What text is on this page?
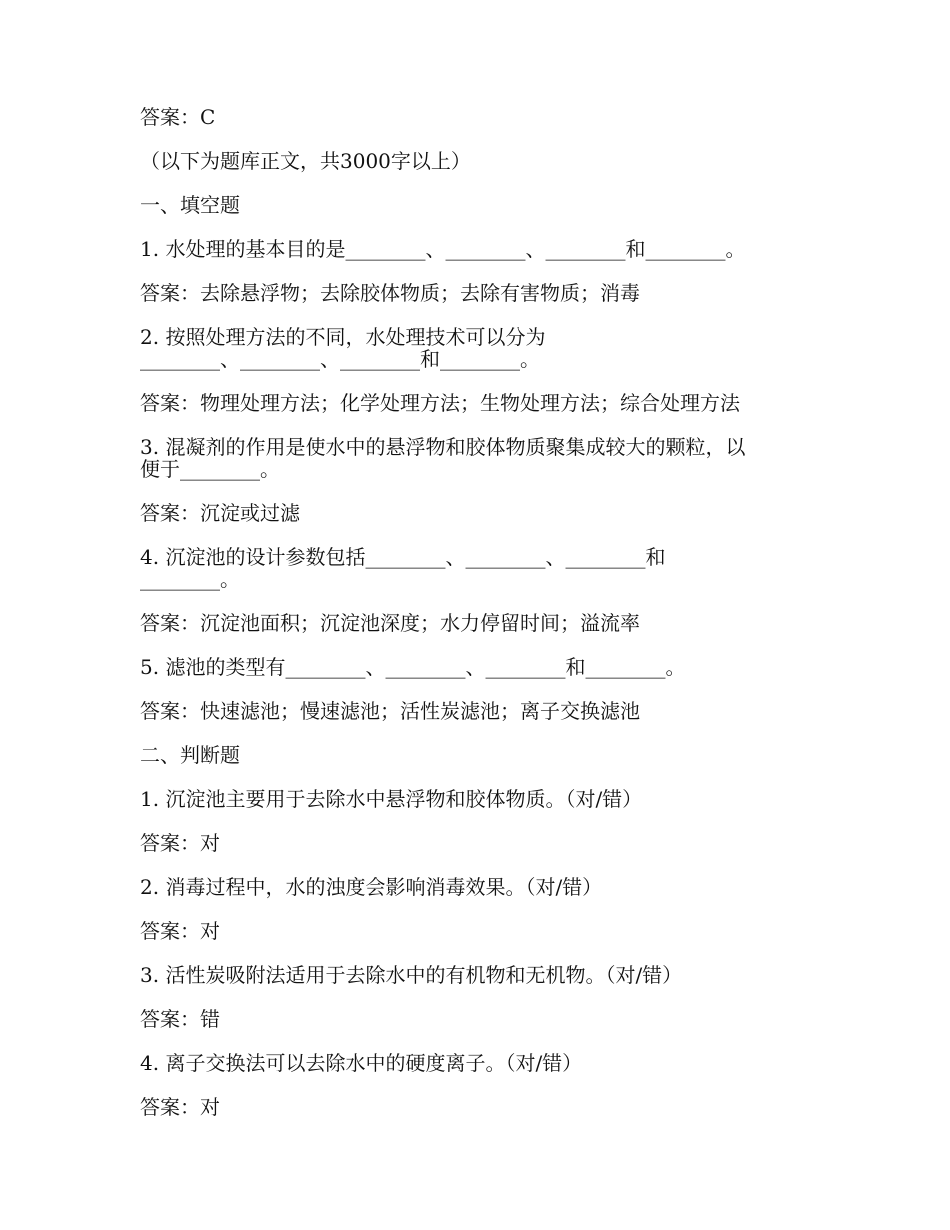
答案：C

（以下为题库正文，共3000字以上）

一、填空题

1. 水处理的基本目的是________、________、________和________。

答案：去除悬浮物；去除胶体物质；去除有害物质；消毒

2. 按照处理方法的不同，水处理技术可以分为
________、________、________和________。

答案：物理处理方法；化学处理方法；生物处理方法；综合处理方法

3. 混凝剂的作用是使水中的悬浮物和胶体物质聚集成较大的颗粒，以
便于________。

答案：沉淀或过滤

4. 沉淀池的设计参数包括________、________、________和
________。

答案：沉淀池面积；沉淀池深度；水力停留时间；溢流率

5. 滤池的类型有________、________、________和________。

答案：快速滤池；慢速滤池；活性炭滤池；离子交换滤池

二、判断题

1. 沉淀池主要用于去除水中悬浮物和胶体物质。（对/错）

答案：对

2. 消毒过程中，水的浊度会影响消毒效果。（对/错）

答案：对

3. 活性炭吸附法适用于去除水中的有机物和无机物。（对/错）

答案：错

4. 离子交换法可以去除水中的硬度离子。（对/错）

答案：对
